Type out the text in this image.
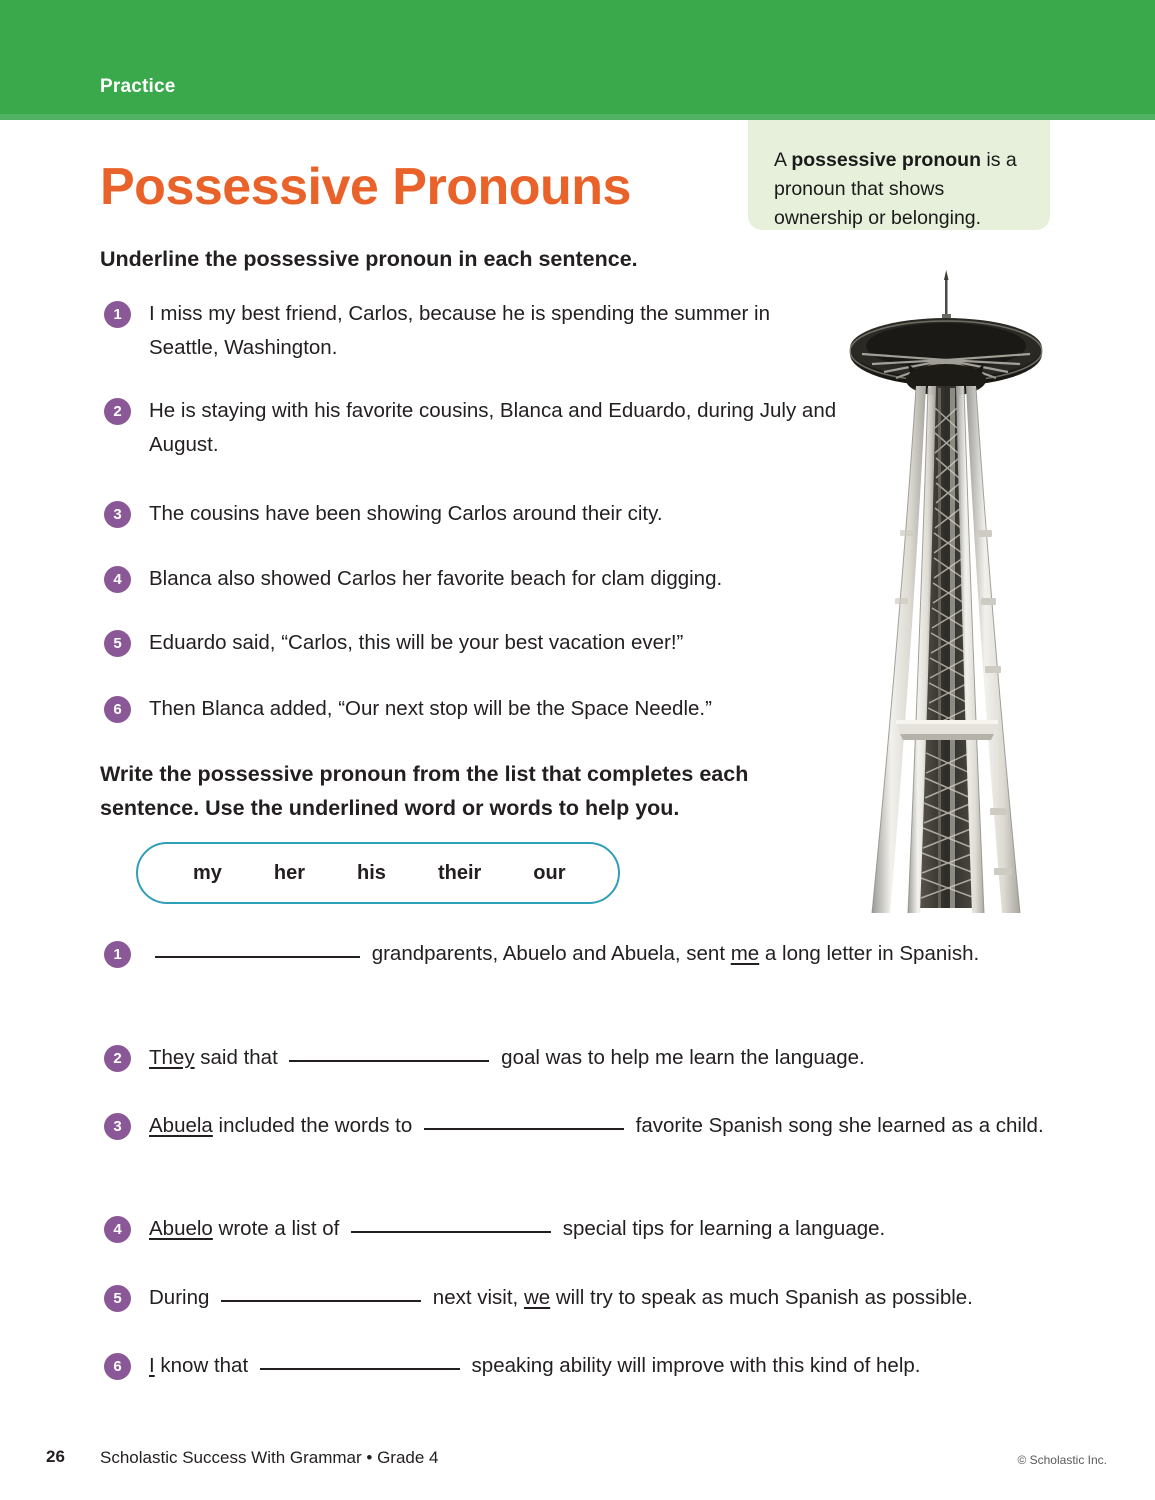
Practice
A possessive pronoun is a pronoun that shows ownership or belonging.
Possessive Pronouns
Underline the possessive pronoun in each sentence.
1	I miss my best friend, Carlos, because he is spending the summer in Seattle, Washington.
2	He is staying with his favorite cousins, Blanca and Eduardo, during July and August.
3	The cousins have been showing Carlos around their city.
4	Blanca also showed Carlos her favorite beach for clam digging.
5	Eduardo said, “Carlos, this will be your best vacation ever!”
6	Then Blanca added, “Our next stop will be the Space Needle.”
Write the possessive pronoun from the list that completes each sentence. Use the underlined word or words to help you.
my	her	his	their	our
1	grandparents, Abuelo and Abuela, sent me a long letter in Spanish.
2	They said that	goal was to help me learn the language.
3	Abuela included the words to	favorite Spanish song she learned as a child.
4	Abuelo wrote a list of	special tips for learning a language.
5	During	next visit, we will try to speak as much Spanish as possible.
6	I know that	speaking ability will improve with this kind of help.
26 Scholastic Success With Grammar • Grade 4	© Scholastic Inc.
